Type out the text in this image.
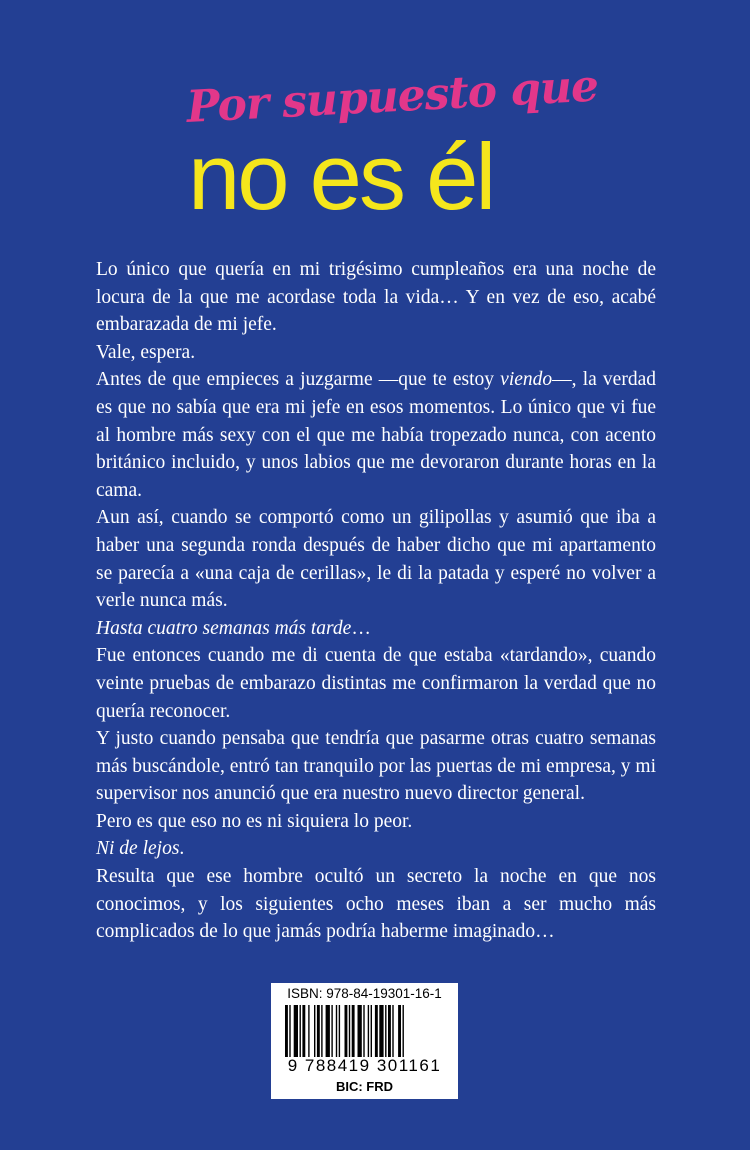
Por supuesto que
no es él

Lo único que quería en mi trigésimo cumpleaños era una noche de locura de la que me acordase toda la vida… Y en vez de eso, acabé embarazada de mi jefe.

Vale, espera.

Antes de que empieces a juzgarme —que te estoy viendo—, la verdad es que no sabía que era mi jefe en esos momentos. Lo único que vi fue al hombre más sexy con el que me había tropezado nunca, con acento británico incluido, y unos labios que me devoraron durante horas en la cama.

Aun así, cuando se comportó como un gilipollas y asumió que iba a haber una segunda ronda después de haber dicho que mi apartamento se parecía a «una caja de cerillas», le di la patada y esperé no volver a verle nunca más.

Hasta cuatro semanas más tarde…

Fue entonces cuando me di cuenta de que estaba «tardando», cuando veinte pruebas de embarazo distintas me confirmaron la verdad que no quería reconocer.

Y justo cuando pensaba que tendría que pasarme otras cuatro semanas más buscándole, entró tan tranquilo por las puertas de mi empresa, y mi supervisor nos anunció que era nuestro nuevo director general.

Pero es que eso no es ni siquiera lo peor.

Ni de lejos.

Resulta que ese hombre ocultó un secreto la noche en que nos conocimos, y los siguientes ocho meses iban a ser mucho más complicados de lo que jamás podría haberme imaginado…

ISBN: 978-84-19301-16-1
9 788419 301161
BIC: FRD
